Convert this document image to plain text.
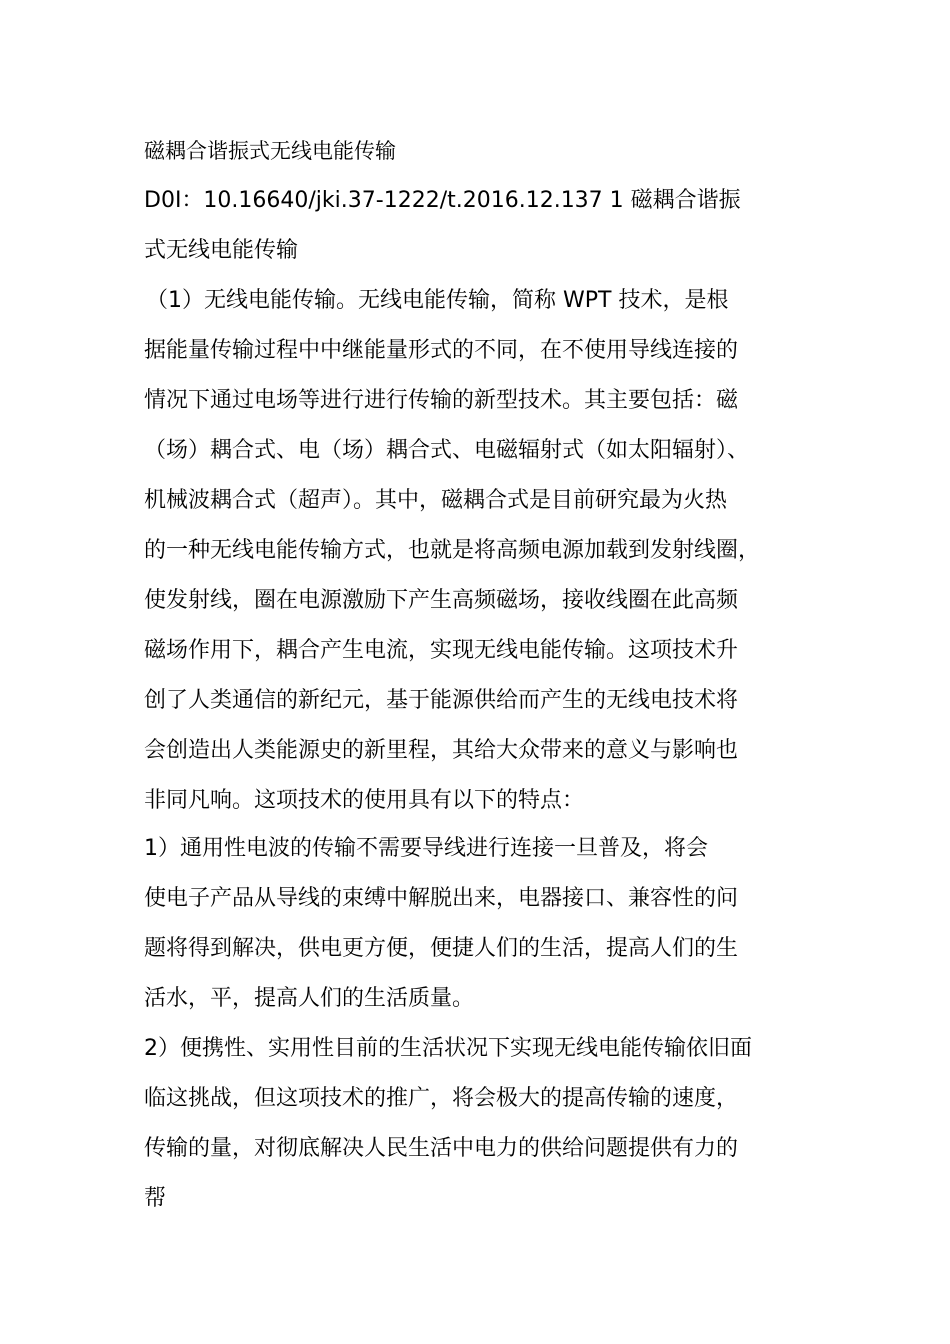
磁耦合谐振式无线电能传输
D0I：10.16640/jki.37-1222/t.2016.12.137 1 磁耦合谐振
式无线电能传输
（1）无线电能传输。无线电能传输，简称 WPT 技术，是根
据能量传输过程中中继能量形式的不同，在不使用导线连接的
情况下通过电场等进行进行传输的新型技术。其主要包括：磁
（场）耦合式、电（场）耦合式、电磁辐射式（如太阳辐射）、
机械波耦合式（超声）。其中，磁耦合式是目前研究最为火热
的一种无线电能传输方式，也就是将高频电源加载到发射线圈，
使发射线，圈在电源激励下产生高频磁场，接收线圈在此高频
磁场作用下，耦合产生电流，实现无线电能传输。这项技术升
创了人类通信的新纪元，基于能源供给而产生的无线电技术将
会创造出人类能源史的新里程，其给大众带来的意义与影响也
非同凡响。这项技术的使用具有以下的特点：
1）通用性电波的传输不需要导线进行连接一旦普及，将会
使电子产品从导线的束缚中解脱出来，电器接口、兼容性的问
题将得到解决，供电更方便，便捷人们的生活，提高人们的生
活水，平，提高人们的生活质量。
2）便携性、实用性目前的生活状况下实现无线电能传输依旧面
临这挑战，但这项技术的推广，将会极大的提高传输的速度，
传输的量，对彻底解决人民生活中电力的供给问题提供有力的
帮
